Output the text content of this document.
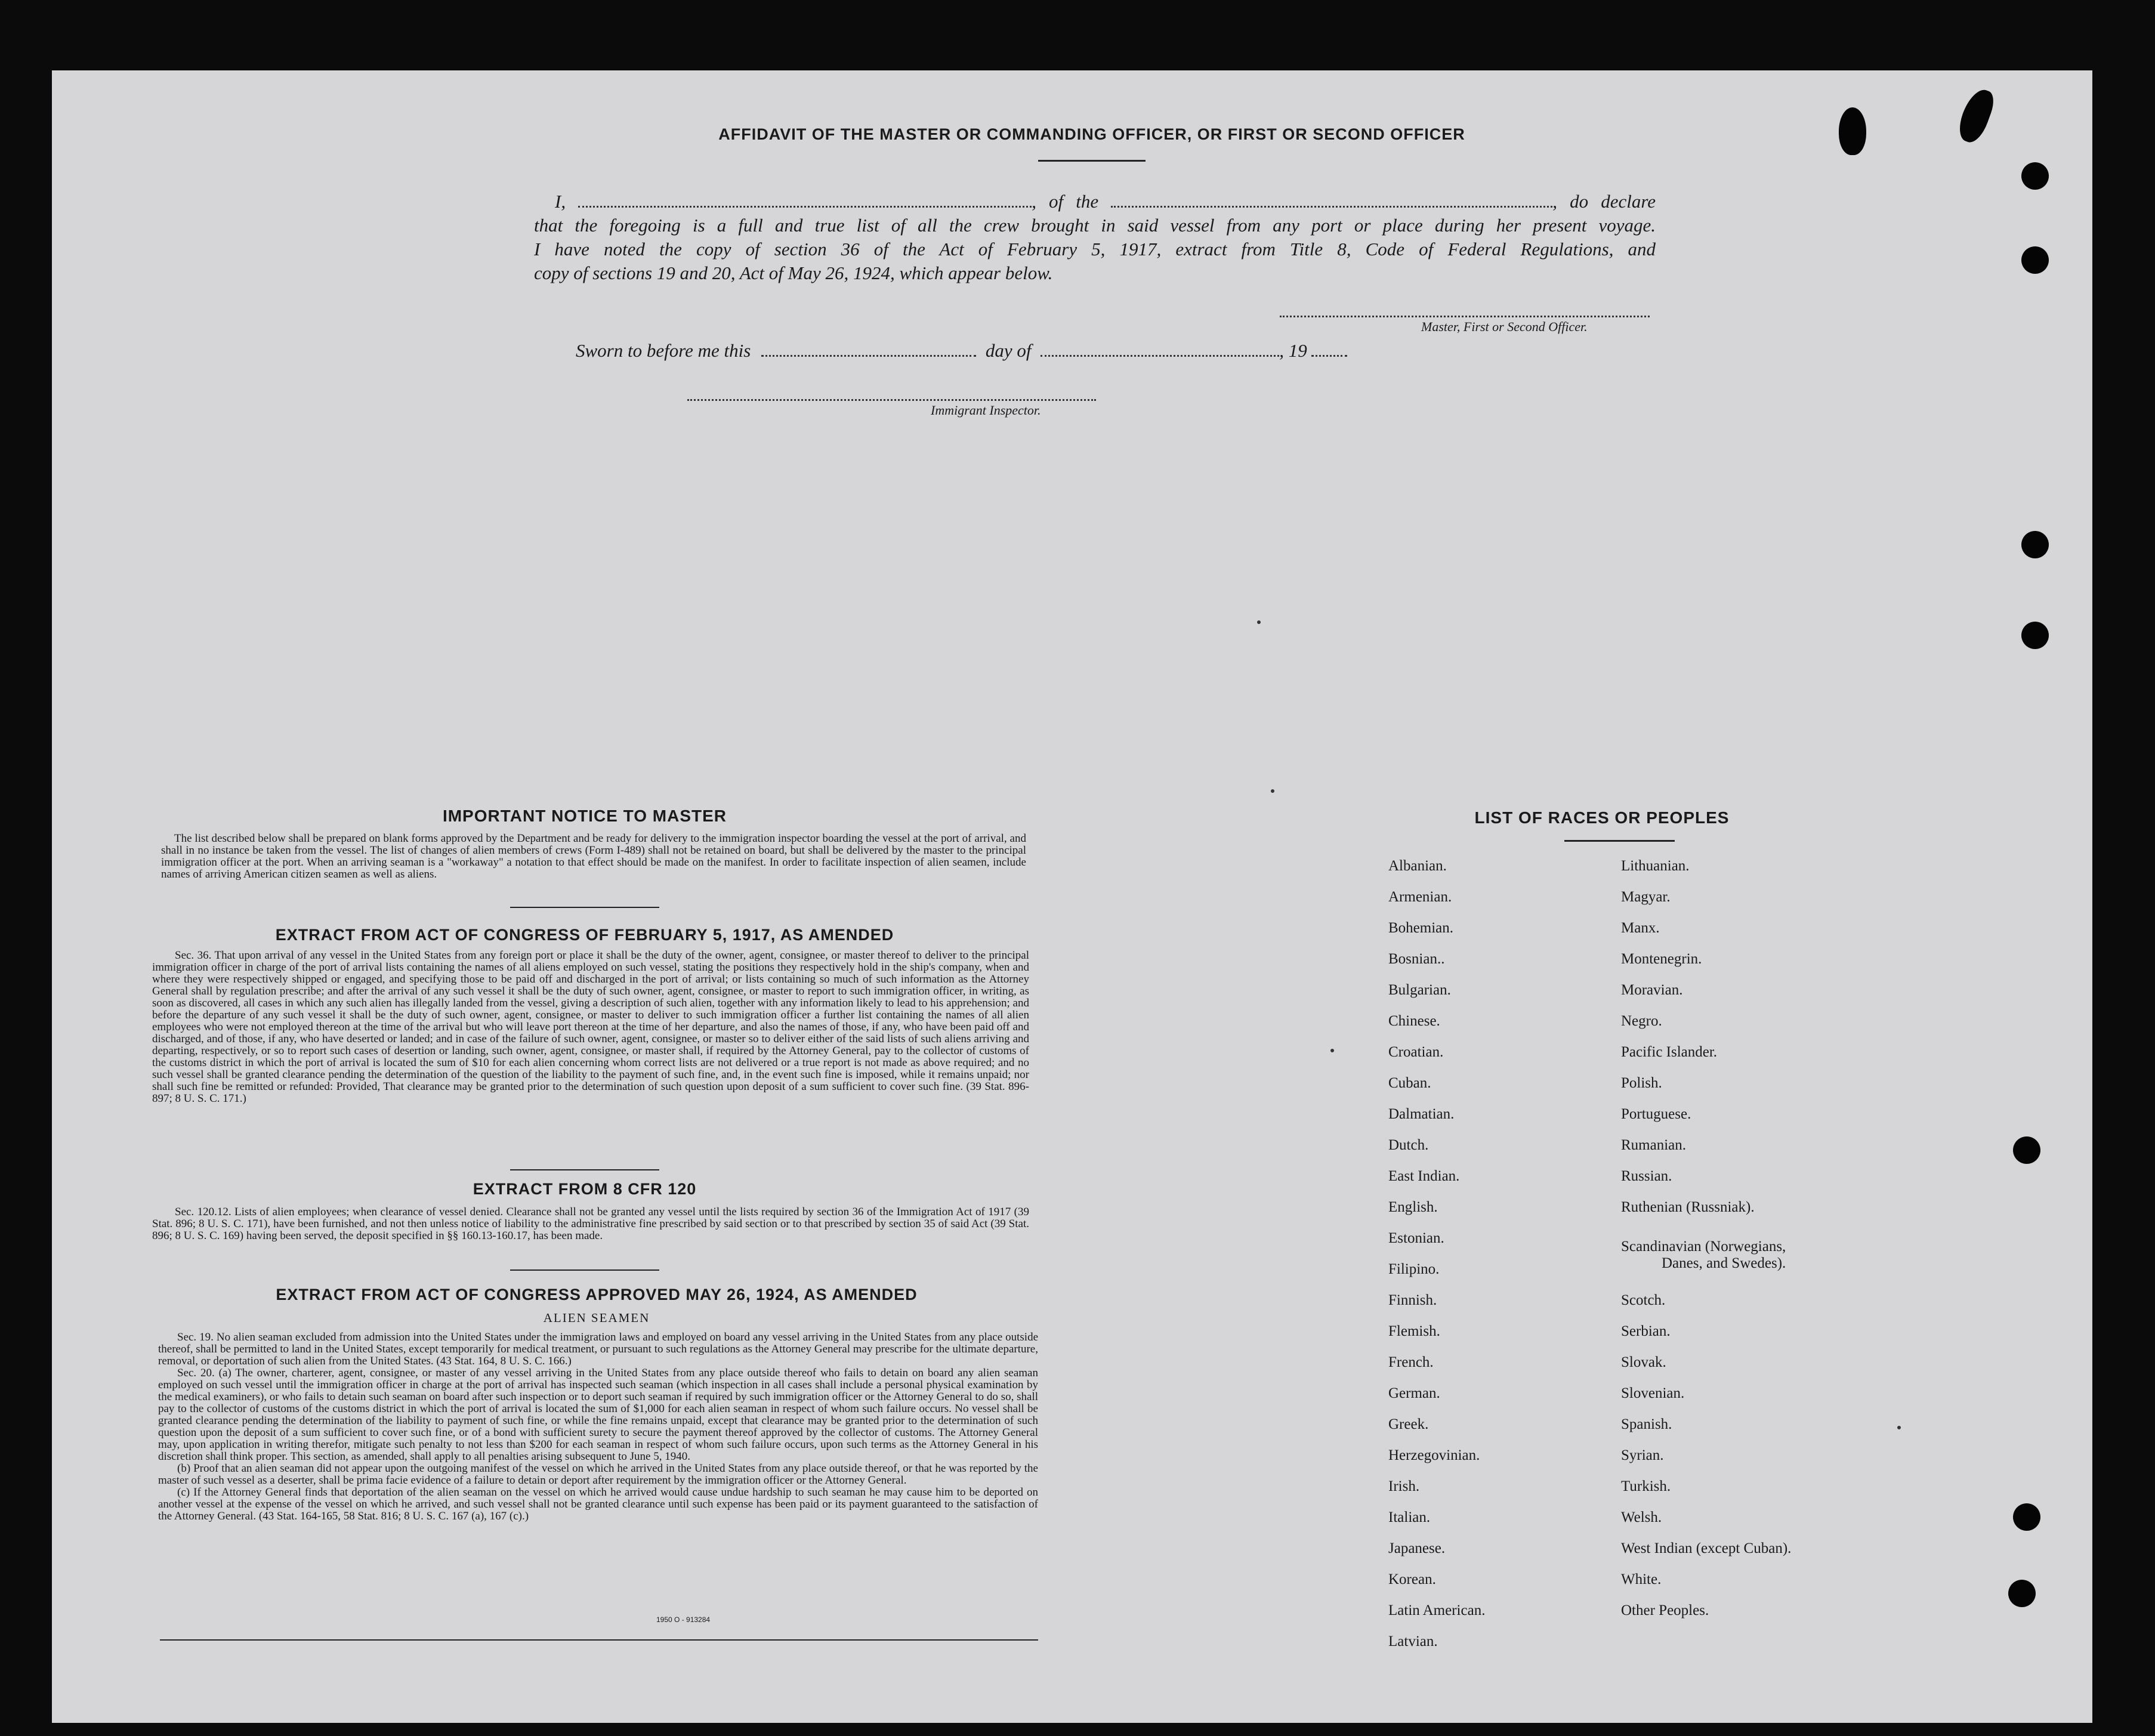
AFFIDAVIT OF THE MASTER OR COMMANDING OFFICER, OR FIRST OR SECOND OFFICER

I,	, of the	, do declare

that the foregoing is a full and true list of all the crew brought in said vessel from any port or place during her present voyage.

I have noted the copy of section 36 of the Act of February 5, 1917, extract from Title 8, Code of Federal Regulations, and

copy of sections 19 and 20, Act of May 26, 1924, which appear below.

Master, First or Second Officer.
Sworn to before me this	day of	, 19
Immigrant Inspector.
IMPORTANT NOTICE TO MASTER

The list described below shall be prepared on blank forms approved by the Department and be ready for delivery to the immigration inspector boarding the vessel at the port of arrival, and shall in no instance be taken from the vessel. The list of changes of alien members of crews (Form I-489) shall not be retained on board, but shall be delivered by the master to the principal immigration officer at the port. When an arriving seaman is a "workaway" a notation to that effect should be made on the manifest. In order to facilitate inspection of alien seamen, include names of arriving American citizen seamen as well as aliens.

EXTRACT FROM ACT OF CONGRESS OF FEBRUARY 5, 1917, AS AMENDED

Sec. 36. That upon arrival of any vessel in the United States from any foreign port or place it shall be the duty of the owner, agent, consignee, or master thereof to deliver to the principal immigration officer in charge of the port of arrival lists containing the names of all aliens employed on such vessel, stating the positions they respectively hold in the ship's company, when and where they were respectively shipped or engaged, and specifying those to be paid off and discharged in the port of arrival; or lists containing so much of such information as the Attorney General shall by regulation prescribe; and after the arrival of any such vessel it shall be the duty of such owner, agent, consignee, or master to report to such immigration officer, in writing, as soon as discovered, all cases in which any such alien has illegally landed from the vessel, giving a description of such alien, together with any information likely to lead to his apprehension; and before the departure of any such vessel it shall be the duty of such owner, agent, consignee, or master to deliver to such immigration officer a further list containing the names of all alien employees who were not employed thereon at the time of the arrival but who will leave port thereon at the time of her departure, and also the names of those, if any, who have been paid off and discharged, and of those, if any, who have deserted or landed; and in case of the failure of such owner, agent, consignee, or master so to deliver either of the said lists of such aliens arriving and departing, respectively, or so to report such cases of desertion or landing, such owner, agent, consignee, or master shall, if required by the Attorney General, pay to the collector of customs of the customs district in which the port of arrival is located the sum of $10 for each alien concerning whom correct lists are not delivered or a true report is not made as above required; and no such vessel shall be granted clearance pending the determination of the question of the liability to the payment of such fine, and, in the event such fine is imposed, while it remains unpaid; nor shall such fine be remitted or refunded: Provided, That clearance may be granted prior to the determination of such question upon deposit of a sum sufficient to cover such fine. (39 Stat. 896-897; 8 U. S. C. 171.)

EXTRACT FROM 8 CFR 120

Sec. 120.12. Lists of alien employees; when clearance of vessel denied. Clearance shall not be granted any vessel until the lists required by section 36 of the Immigration Act of 1917 (39 Stat. 896; 8 U. S. C. 171), have been furnished, and not then unless notice of liability to the administrative fine prescribed by said section or to that prescribed by section 35 of said Act (39 Stat. 896; 8 U. S. C. 169) having been served, the deposit specified in §§ 160.13-160.17, has been made.

EXTRACT FROM ACT OF CONGRESS APPROVED MAY 26, 1924, AS AMENDED
ALIEN SEAMEN

Sec. 19. No alien seaman excluded from admission into the United States under the immigration laws and employed on board any vessel arriving in the United States from any place outside thereof, shall be permitted to land in the United States, except temporarily for medical treatment, or pursuant to such regulations as the Attorney General may prescribe for the ultimate departure, removal, or deportation of such alien from the United States. (43 Stat. 164, 8 U. S. C. 166.)

Sec. 20. (a) The owner, charterer, agent, consignee, or master of any vessel arriving in the United States from any place outside thereof who fails to detain on board any alien seaman employed on such vessel until the immigration officer in charge at the port of arrival has inspected such seaman (which inspection in all cases shall include a personal physical examination by the medical examiners), or who fails to detain such seaman on board after such inspection or to deport such seaman if required by such immigration officer or the Attorney General to do so, shall pay to the collector of customs of the customs district in which the port of arrival is located the sum of $1,000 for each alien seaman in respect of whom such failure occurs. No vessel shall be granted clearance pending the determination of the liability to payment of such fine, or while the fine remains unpaid, except that clearance may be granted prior to the determination of such question upon the deposit of a sum sufficient to cover such fine, or of a bond with sufficient surety to secure the payment thereof approved by the collector of customs. The Attorney General may, upon application in writing therefor, mitigate such penalty to not less than $200 for each seaman in respect of whom such failure occurs, upon such terms as the Attorney General in his discretion shall think proper. This section, as amended, shall apply to all penalties arising subsequent to June 5, 1940.

(b) Proof that an alien seaman did not appear upon the outgoing manifest of the vessel on which he arrived in the United States from any place outside thereof, or that he was reported by the master of such vessel as a deserter, shall be prima facie evidence of a failure to detain or deport after requirement by the immigration officer or the Attorney General.

(c) If the Attorney General finds that deportation of the alien seaman on the vessel on which he arrived would cause undue hardship to such seaman he may cause him to be deported on another vessel at the expense of the vessel on which he arrived, and such vessel shall not be granted clearance until such expense has been paid or its payment guaranteed to the satisfaction of the Attorney General. (43 Stat. 164-165, 58 Stat. 816; 8 U. S. C. 167 (a), 167 (c).)

1950 O - 913284
LIST OF RACES OR PEOPLES
Albanian.
Armenian.
Bohemian.
Bosnian..
Bulgarian.
Chinese.
Croatian.
Cuban.
Dalmatian.
Dutch.
East Indian.
English.
Estonian.
Filipino.
Finnish.
Flemish.
French.
German.
Greek.
Herzegovinian.
Irish.
Italian.
Japanese.
Korean.
Latin American.
Latvian.
Lithuanian.
Magyar.
Manx.
Montenegrin.
Moravian.
Negro.
Pacific Islander.
Polish.
Portuguese.
Rumanian.
Russian.
Ruthenian (Russniak).
Scandinavian (Norwegians,
Danes, and Swedes).
Scotch.
Serbian.
Slovak.
Slovenian.
Spanish.
Syrian.
Turkish.
Welsh.
West Indian (except Cuban).
White.
Other Peoples.
